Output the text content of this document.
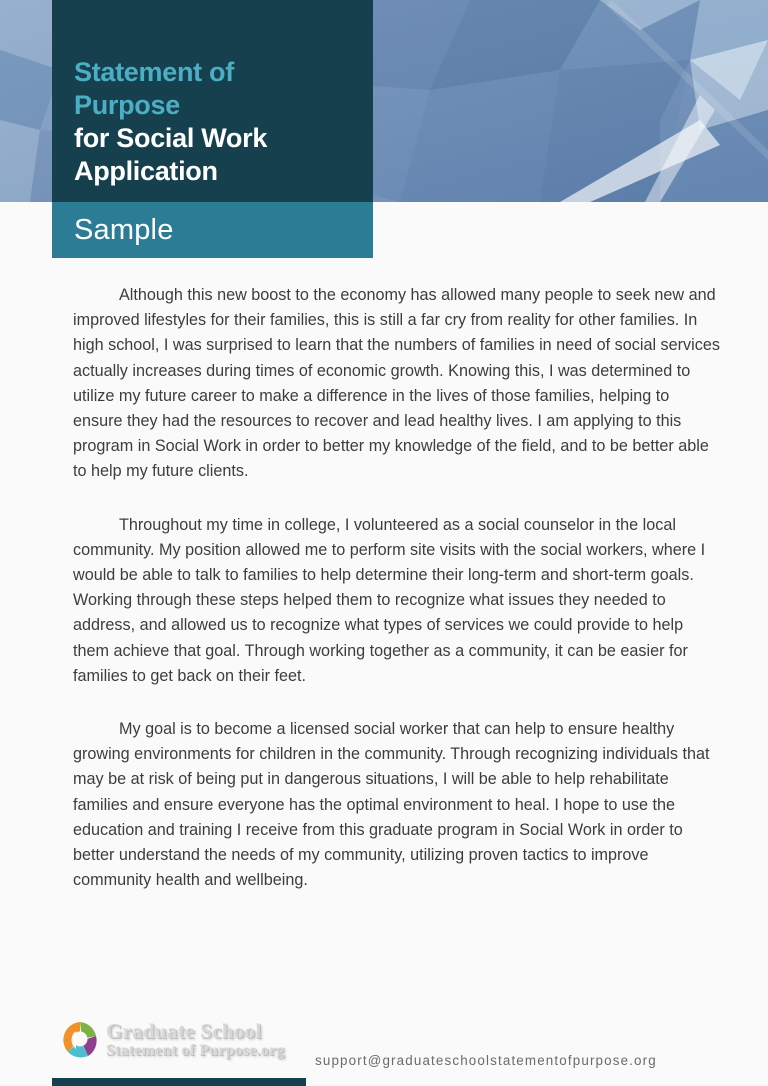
Statement of
Purpose
for Social Work
Application
Sample

Although this new boost to the economy has allowed many people to seek new and improved lifestyles for their families, this is still a far cry from reality for other families. In high school, I was surprised to learn that the numbers of families in need of social services actually increases during times of economic growth. Knowing this, I was determined to utilize my future career to make a difference in the lives of those families, helping to ensure they had the resources to recover and lead healthy lives. I am applying to this program in Social Work in order to better my knowledge of the field, and to be better able to help my future clients.

Throughout my time in college, I volunteered as a social counselor in the local community. My position allowed me to perform site visits with the social workers, where I would be able to talk to families to help determine their long-term and short-term goals. Working through these steps helped them to recognize what issues they needed to address, and allowed us to recognize what types of services we could provide to help them achieve that goal. Through working together as a community, it can be easier for families to get back on their feet.

My goal is to become a licensed social worker that can help to ensure healthy growing environments for children in the community. Through recognizing individuals that may be at risk of being put in dangerous situations, I will be able to help rehabilitate families and ensure everyone has the optimal environment to heal. I hope to use the education and training I receive from this graduate program in Social Work in order to better understand the needs of my community, utilizing proven tactics to improve community health and wellbeing.

Graduate School
Statement of Purpose.org
support@graduateschoolstatementofpurpose.org
